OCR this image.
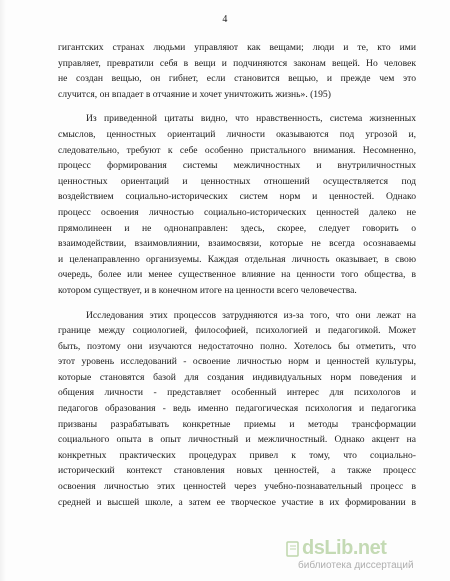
4
гигантских странах людьми управляют как вещами; люди и те, кто ими
управляет, превратили себя в вещи и подчиняются законам вещей. Но человек
не создан вещью, он гибнет, если становится вещью, и прежде чем это
случится, он впадает в отчаяние и хочет уничтожить жизнь». (195)
Из приведенной цитаты видно, что нравственность, система жизненных
смыслов, ценностных ориентаций личности оказываются под угрозой и,
следовательно, требуют к себе особенно пристального внимания. Несомненно,
процесс формирования системы межличностных и внутриличностных
ценностных ориентаций и ценностных отношений осуществляется под
воздействием социально-исторических систем норм и ценностей. Однако
процесс освоения личностью социально-исторических ценностей далеко не
прямолинеен и не однонаправлен: здесь, скорее, следует говорить о
взаимодействии, взаимовлиянии, взаимосвязи, которые не всегда осознаваемы
и целенаправленно организуемы. Каждая отдельная личность оказывает, в свою
очередь, более или менее существенное влияние на ценности того общества, в
котором существует, и в конечном итоге на ценности всего человечества.
Исследования этих процессов затрудняются из-за того, что они лежат на
границе между социологией, философией, психологией и педагогикой. Может
быть, поэтому они изучаются недостаточно полно. Хотелось бы отметить, что
этот уровень исследований - освоение личностью норм и ценностей культуры,
которые становятся базой для создания индивидуальных норм поведения и
общения личности - представляет особенный интерес для психологов и
педагогов образования - ведь именно педагогическая психология и педагогика
призваны разрабатывать конкретные приемы и методы трансформации
социального опыта в опыт личностный и межличностный. Однако акцент на
конкретных практических процедурах привел к тому, что социально-
исторический контекст становления новых ценностей, а также процесс
освоения личностью этих ценностей через учебно-познавательный процесс в
средней и высшей школе, а затем ее творческое участие в их формировании в
dsLib.net
библиотека диссертаций
